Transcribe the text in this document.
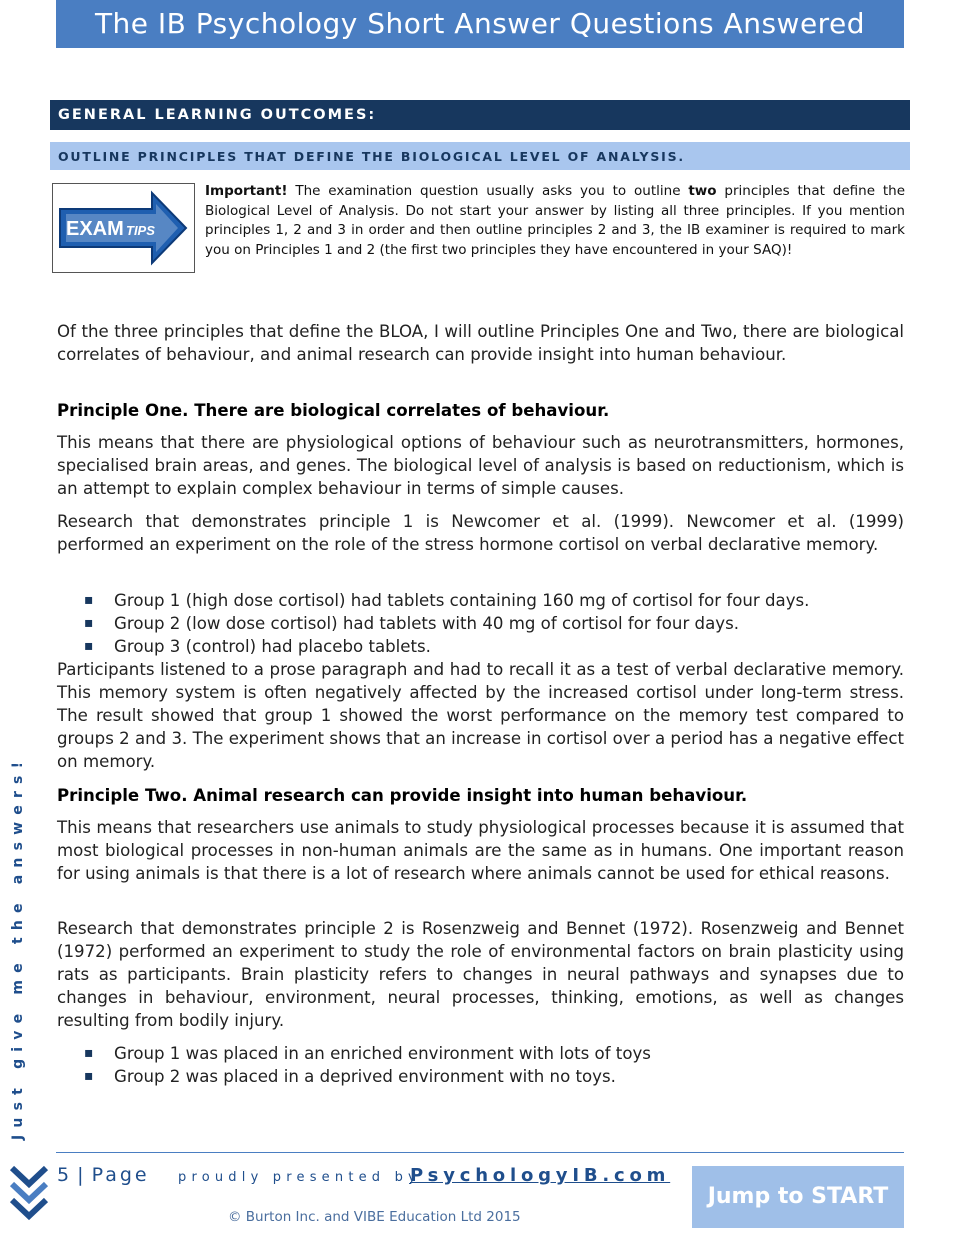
The IB Psychology Short Answer Questions Answered
GENERAL LEARNING OUTCOMES:
OUTLINE PRINCIPLES THAT DEFINE THE BIOLOGICAL LEVEL OF ANALYSIS.
EXAM TIPS

Important! The examination question usually asks you to outline two principles that define the Biological Level of Analysis. Do not start your answer by listing all three principles. If you mention principles 1, 2 and 3 in order and then outline principles 2 and 3, the IB examiner is required to mark you on Principles 1 and 2 (the first two principles they have encountered in your SAQ)!

Of the three principles that define the BLOA, I will outline Principles One and Two, there are biological correlates of behaviour, and animal research can provide insight into human behaviour.

Principle One. There are biological correlates of behaviour.

This means that there are physiological options of behaviour such as neurotransmitters, hormones, specialised brain areas, and genes. The biological level of analysis is based on reductionism, which is an attempt to explain complex behaviour in terms of simple causes.

Research that demonstrates principle 1 is Newcomer et al. (1999). Newcomer et al. (1999) performed an experiment on the role of the stress hormone cortisol on verbal declarative memory.

▪ Group 1 (high dose cortisol) had tablets containing 160 mg of cortisol for four days.
▪ Group 2 (low dose cortisol) had tablets with 40 mg of cortisol for four days.
▪ Group 3 (control) had placebo tablets.

Participants listened to a prose paragraph and had to recall it as a test of verbal declarative memory. This memory system is often negatively affected by the increased cortisol under long-term stress. The result showed that group 1 showed the worst performance on the memory test compared to groups 2 and 3. The experiment shows that an increase in cortisol over a period has a negative effect on memory.

Principle Two. Animal research can provide insight into human behaviour.

This means that researchers use animals to study physiological processes because it is assumed that most biological processes in non-human animals are the same as in humans. One important reason for using animals is that there is a lot of research where animals cannot be used for ethical reasons.

Research that demonstrates principle 2 is Rosenzweig and Bennet (1972). Rosenzweig and Bennet (1972) performed an experiment to study the role of environmental factors on brain plasticity using rats as participants. Brain plasticity refers to changes in neural pathways and synapses due to changes in behaviour, environment, neural processes, thinking, emotions, as well as changes resulting from bodily injury.

▪ Group 1 was placed in an enriched environment with lots of toys
▪ Group 2 was placed in a deprived environment with no toys.
Just give me the answers!
5 | Page proudly presented by
PsychologyIB.com
© Burton Inc. and VIBE Education Ltd 2015
Jump to START
